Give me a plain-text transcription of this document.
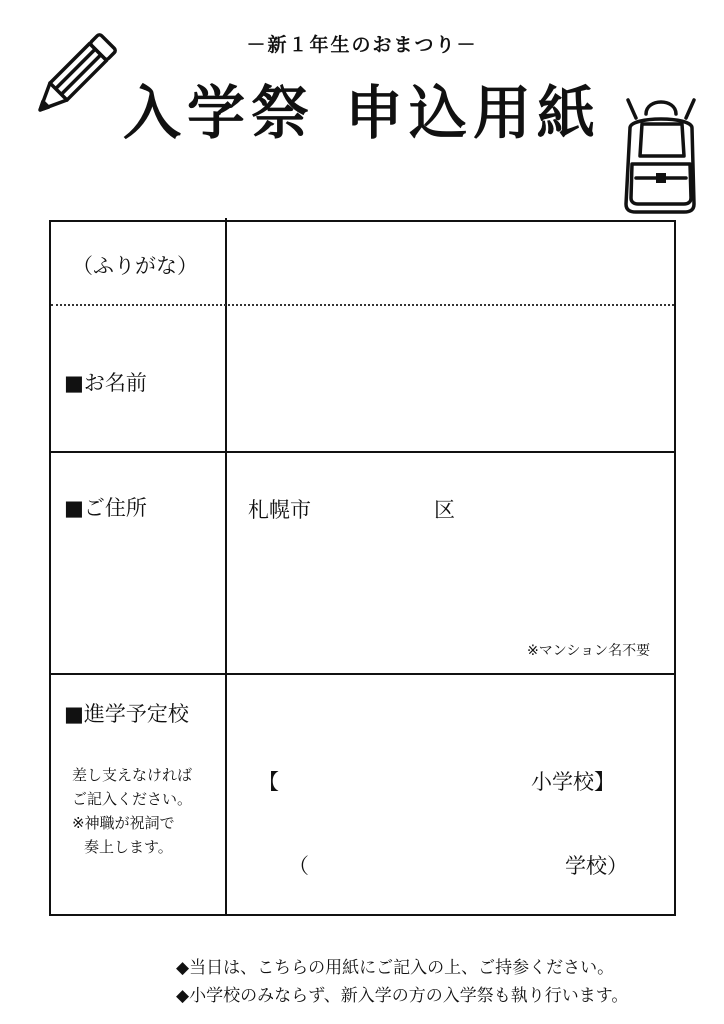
－新１年生のおまつり－
入学祭 申込用紙
（ふりがな）
■お名前
■ご住所	札幌市	区
※マンション名不要
■進学予定校
差し支えなければ
ご記入ください。
※神職が祝詞で
奏上します。
【	小学校】
（	学校）
◆当日は、こちらの用紙にご記入の上、ご持参ください。
◆小学校のみならず、新入学の方の入学祭も執り行います。
